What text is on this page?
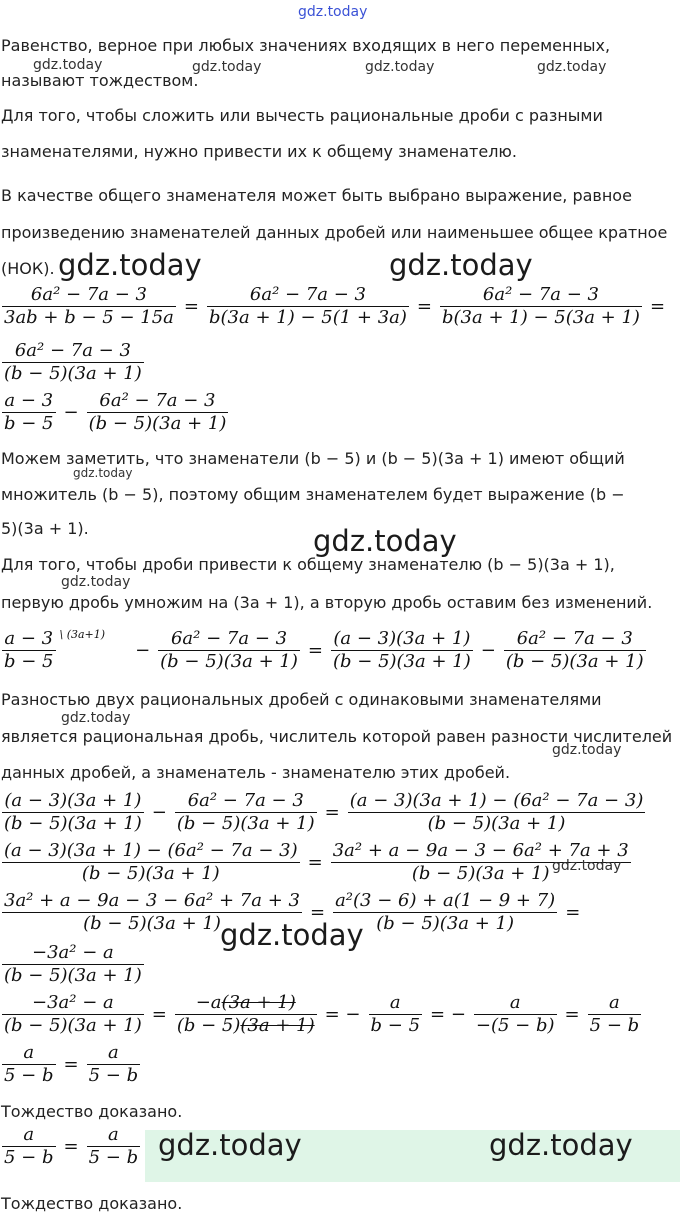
gdz.today
Равенство, верное при любых значениях входящих в него переменных,
gdz.today	gdz.today	gdz.today	gdz.today
называют тождеством.
Для того, чтобы сложить или вычесть рациональные дроби с разными
знаменателями, нужно привести их к общему знаменателю.
В качестве общего знаменателя может быть выбрано выражение, равное
произведению знаменателей данных дробей или наименьшее общее кратное
(НОК). gdz.today	gdz.today
$\frac{\text{6a² − 7a − 3}}{3ab + b - 5 - 15a} = \frac{\text{6a² − 7a − 3}}{b(3a + 1) - 5(1 + 3a)} = \frac{\text{6a² − 7a − 3}}{b(3a + 1) - 5(3a + 1)}$ =
$\frac{\text{6a² − 7a − 3}}{(b - 5)(3a + 1)}$
$\frac{a - 3}{b - 5} - \frac{\text{6a² − 7a − 3}}{(b - 5)(3a + 1)}$
Можем заметить, что знаменатели (b − 5) и (b − 5)(3a + 1) имеют общий
gdz.today
множитель (b − 5), поэтому общим знаменателем будет выражение (b −
5)(3a + 1).	gdz.today
Для того, чтобы дроби привести к общему знаменателю (b − 5)(3a + 1),
gdz.today
первую дробь умножим на (3a + 1), а вторую дробь оставим без изменений.
$\frac{a - 3}{b - 5} ^{\backslash (3a+1)}- \frac{\text{6a² − 7a − 3}}{(b - 5)(3a + 1)} = \frac{(a - 3)(3a + 1)}{(b - 5)(3a + 1)} - \frac{\text{6a² − 7a − 3}}{(b - 5)(3a + 1)}$
Разностью двух рациональных дробей с одинаковыми знаменателями
gdz.today
является рациональная дробь, числитель которой равен разности числителей
gdz.today
данных дробей, а знаменатель - знаменателю этих дробей.
$\frac{(a - 3)(3a + 1)}{(b - 5)(3a + 1)} - \frac{\text{6a² − 7a − 3}}{(b - 5)(3a + 1)} = \frac{\text{(a − 3)(3a + 1) − (6a² − 7a − 3)}}{(b - 5)(3a + 1)}$
$\frac{\text{(a − 3)(3a + 1) − (6a² − 7a − 3)}}{(b - 5)(3a + 1)} = \frac{\text{3a² + a − 9a − 3 − 6a² + 7a + 3}}{(b - 5)(3a + 1)}$
gdz.today
$\frac{\text{3a² + a − 9a − 3 − 6a² + 7a + 3}}{(b - 5)(3a + 1)} = \frac{\text{a²(3 − 6) + a(1 − 9 + 7)}}{(b - 5)(3a + 1)}$ =
gdz.today
$\frac{\text{−3a² − a}}{(b - 5)(3a + 1)}$
$\frac{\text{−3a² − a}}{(b - 5)(3a + 1)} = \frac{-a(3a + 1)}{(b - 5)(3a + 1)}$ = − $\frac{a}{b - 5}$ = − $\frac{a}{-(5 - b)} = \frac{a}{5 - b}$
$\frac{a}{5 - b} = \frac{a}{5 - b}$
Тождество доказано.
$\frac{a}{5 - b} = \frac{a}{5 - b}$ gdz.today	gdz.today
Тождество доказано.
